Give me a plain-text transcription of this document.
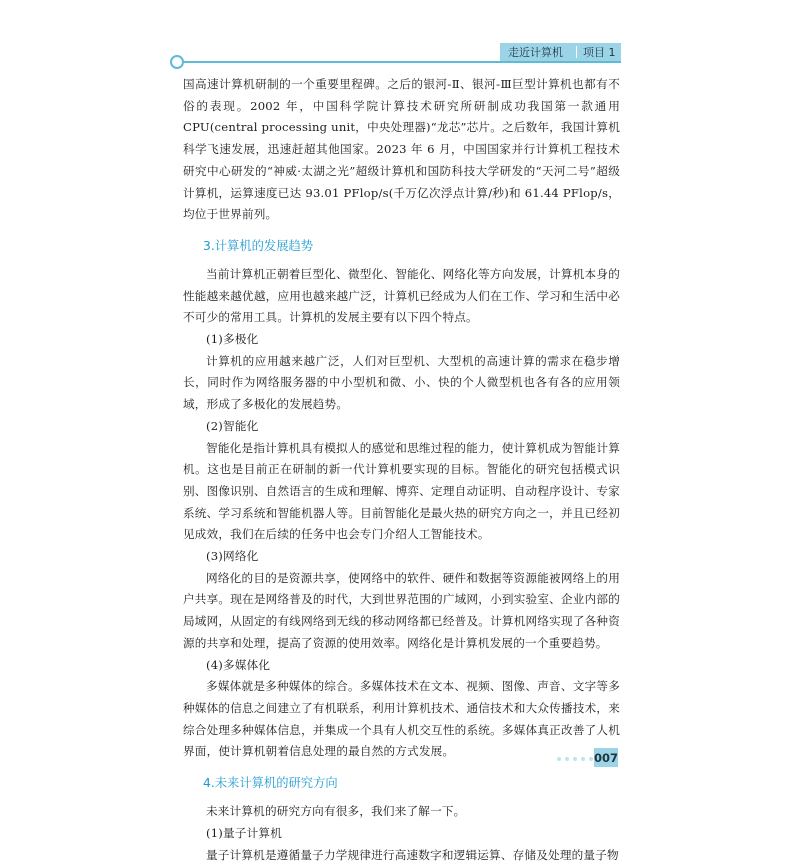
走近计算机	项目 1

国高速计算机研制的一个重要里程碑。之后的银河-Ⅱ、银河-Ⅲ巨型计算机也都有不俗的表现。2002 年，中国科学院计算技术研究所研制成功我国第一款通用 CPU(central processing unit，中央处理器)“龙芯”芯片。之后数年，我国计算机科学飞速发展，迅速赶超其他国家。2023 年 6 月，中国国家并行计算机工程技术研究中心研发的“神威·太湖之光”超级计算机和国防科技大学研发的“天河二号”超级计算机，运算速度已达 93.01 PFlop/s(千万亿次浮点计算/秒)和 61.44 PFlop/s，均位于世界前列。

3.计算机的发展趋势

当前计算机正朝着巨型化、微型化、智能化、网络化等方向发展，计算机本身的性能越来越优越，应用也越来越广泛，计算机已经成为人们在工作、学习和生活中必不可少的常用工具。计算机的发展主要有以下四个特点。

(1)多极化

计算机的应用越来越广泛，人们对巨型机、大型机的高速计算的需求在稳步增长，同时作为网络服务器的中小型机和微、小、快的个人微型机也各有各的应用领域，形成了多极化的发展趋势。

(2)智能化

智能化是指计算机具有模拟人的感觉和思维过程的能力，使计算机成为智能计算机。这也是目前正在研制的新一代计算机要实现的目标。智能化的研究包括模式识别、图像识别、自然语言的生成和理解、博弈、定理自动证明、自动程序设计、专家系统、学习系统和智能机器人等。目前智能化是最火热的研究方向之一，并且已经初见成效，我们在后续的任务中也会专门介绍人工智能技术。

(3)网络化

网络化的目的是资源共享，使网络中的软件、硬件和数据等资源能被网络上的用户共享。现在是网络普及的时代，大到世界范围的广域网，小到实验室、企业内部的局域网，从固定的有线网络到无线的移动网络都已经普及。计算机网络实现了各种资源的共享和处理，提高了资源的使用效率。网络化是计算机发展的一个重要趋势。

(4)多媒体化

多媒体就是多种媒体的综合。多媒体技术在文本、视频、图像、声音、文字等多种媒体的信息之间建立了有机联系，利用计算机技术、通信技术和大众传播技术，来综合处理多种媒体信息，并集成一个具有人机交互性的系统。多媒体真正改善了人机界面，使计算机朝着信息处理的最自然的方式发展。

4.未来计算机的研究方向

未来计算机的研究方向有很多，我们来了解一下。

(1)量子计算机

量子计算机是遵循量子力学规律进行高速数字和逻辑运算、存储及处理的量子物

007
